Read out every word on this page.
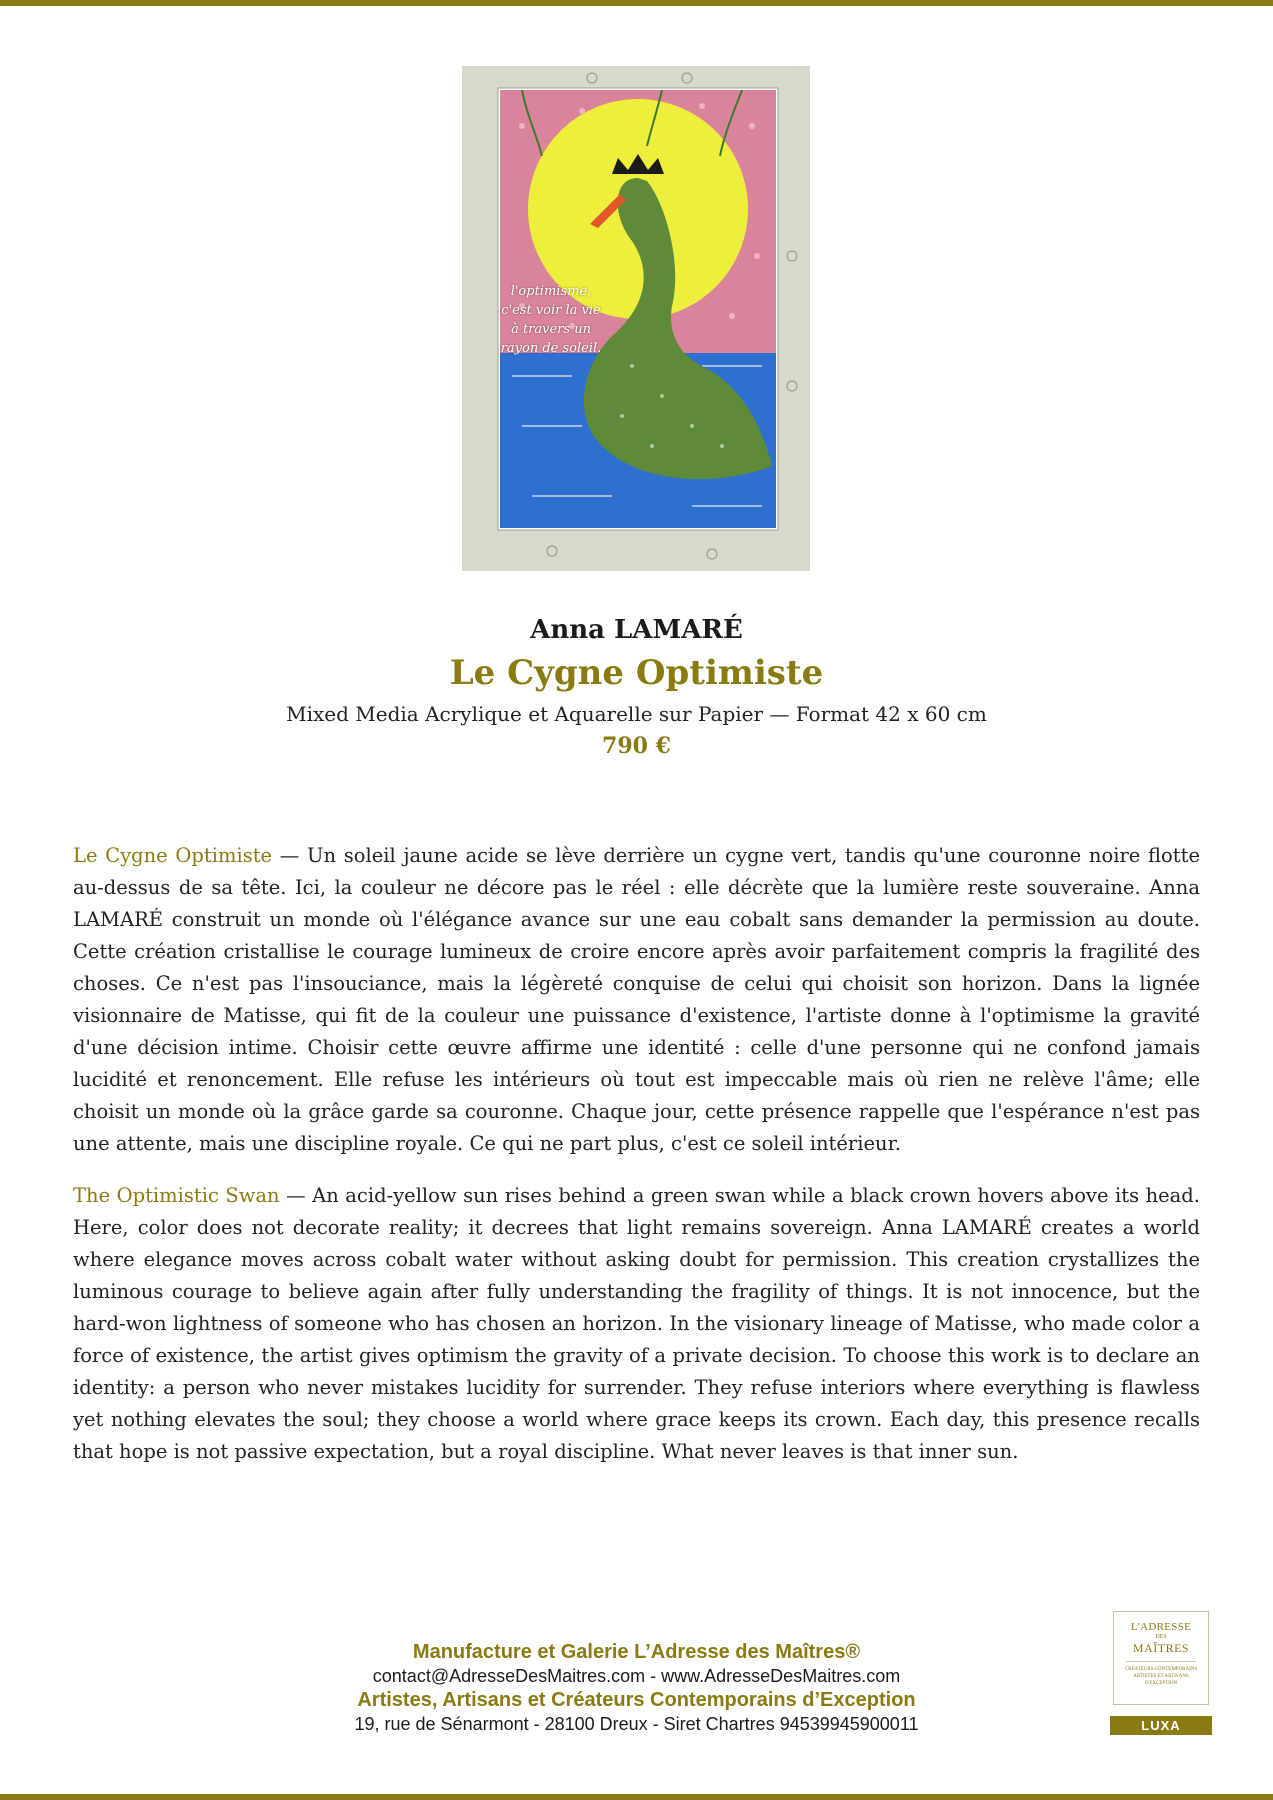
l'optimisme,
c'est voir la vie
à travers un
rayon de soleil.
Anna LAMARÉ
Le Cygne Optimiste
Mixed Media Acrylique et Aquarelle sur Papier — Format 42 x 60 cm
790 €

Le Cygne Optimiste — Un soleil jaune acide se lève derrière un cygne vert, tandis qu'une couronne noire flotte au-dessus de sa tête. Ici, la couleur ne décore pas le réel : elle décrète que la lumière reste souveraine. Anna LAMARÉ construit un monde où l'élégance avance sur une eau cobalt sans demander la permission au doute. Cette création cristallise le courage lumineux de croire encore après avoir parfaitement compris la fragilité des choses. Ce n'est pas l'insouciance, mais la légèreté conquise de celui qui choisit son horizon. Dans la lignée visionnaire de Matisse, qui fit de la couleur une puissance d'existence, l'artiste donne à l'optimisme la gravité d'une décision intime. Choisir cette œuvre affirme une identité : celle d'une personne qui ne confond jamais lucidité et renoncement. Elle refuse les intérieurs où tout est impeccable mais où rien ne relève l'âme; elle choisit un monde où la grâce garde sa couronne. Chaque jour, cette présence rappelle que l'espérance n'est pas une attente, mais une discipline royale. Ce qui ne part plus, c'est ce soleil intérieur.

The Optimistic Swan — An acid-yellow sun rises behind a green swan while a black crown hovers above its head. Here, color does not decorate reality; it decrees that light remains sovereign. Anna LAMARÉ creates a world where elegance moves across cobalt water without asking doubt for permission. This creation crystallizes the luminous courage to believe again after fully understanding the fragility of things. It is not innocence, but the hard-won lightness of someone who has chosen an horizon. In the visionary lineage of Matisse, who made color a force of existence, the artist gives optimism the gravity of a private decision. To choose this work is to declare an identity: a person who never mistakes lucidity for surrender. They refuse interiors where everything is flawless yet nothing elevates the soul; they choose a world where grace keeps its crown. Each day, this presence recalls that hope is not passive expectation, but a royal discipline. What never leaves is that inner sun.

Manufacture et Galerie L’Adresse des Maîtres®
contact@AdresseDesMaitres.com - www.AdresseDesMaitres.com
Artistes, Artisans et Créateurs Contemporains d’Exception
19, rue de Sénarmont - 28100 Dreux - Siret Chartres 94539945900011
L'ADRESSE
DES
MAÎTRES
CRÉATEURS CONTEMPORAINS ARTISTES ET ARTISANS D'EXCEPTION
LUXA
